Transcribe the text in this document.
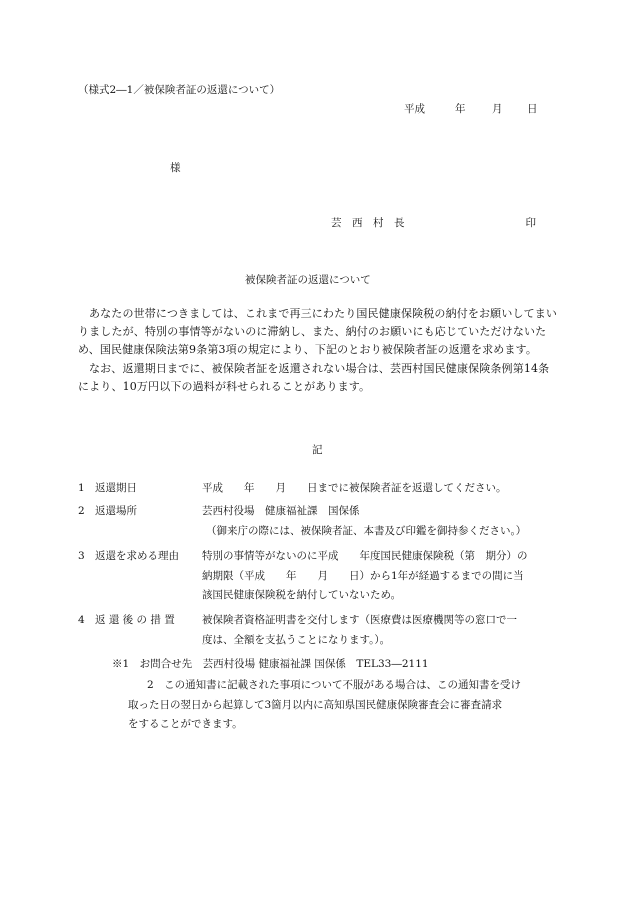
（様式2―1／被保険者証の返還について）
平成	年	月 日
様
芸　西　村　長	印
被保険者証の返還について

あなたの世帯につきましては、これまで再三にわたり国民健康保険税の納付をお願いしてまいりましたが、特別の事情等がないのに滞納し、また、納付のお願いにも応じていただけないため、国民健康保険法第9条第3項の規定により、下記のとおり被保険者証の返還を求めます。

なお、返還期日までに、被保険者証を返還されない場合は、芸西村国民健康保険条例第14条により、10万円以下の過料が科せられることがあります。

記
1 返還期日	平成　　年　　月　　日までに被保険者証を返還してください。
2 返還場所	芸西村役場　健康福祉課　国保係
（御来庁の際には、被保険者証、本書及び印鑑を御持参ください。）
3 返還を求める理由 特別の事情等がないのに平成　　年度国民健康保険税（第　期分）の
納期限（平成　　年　　月　　日）から1年が経過するまでの間に当
該国民健康保険税を納付していないため。
4 返 還 後 の 措 置	被保険者資格証明書を交付します（医療費は医療機関等の窓口で一
度は、全額を支払うことになります。）。
※1　お問合せ先　芸西村役場 健康福祉課 国保係　TEL33―2111
2　この通知書に記載された事項について不服がある場合は、この通知書を受け
取った日の翌日から起算して3箇月以内に高知県国民健康保険審査会に審査請求
をすることができます。
